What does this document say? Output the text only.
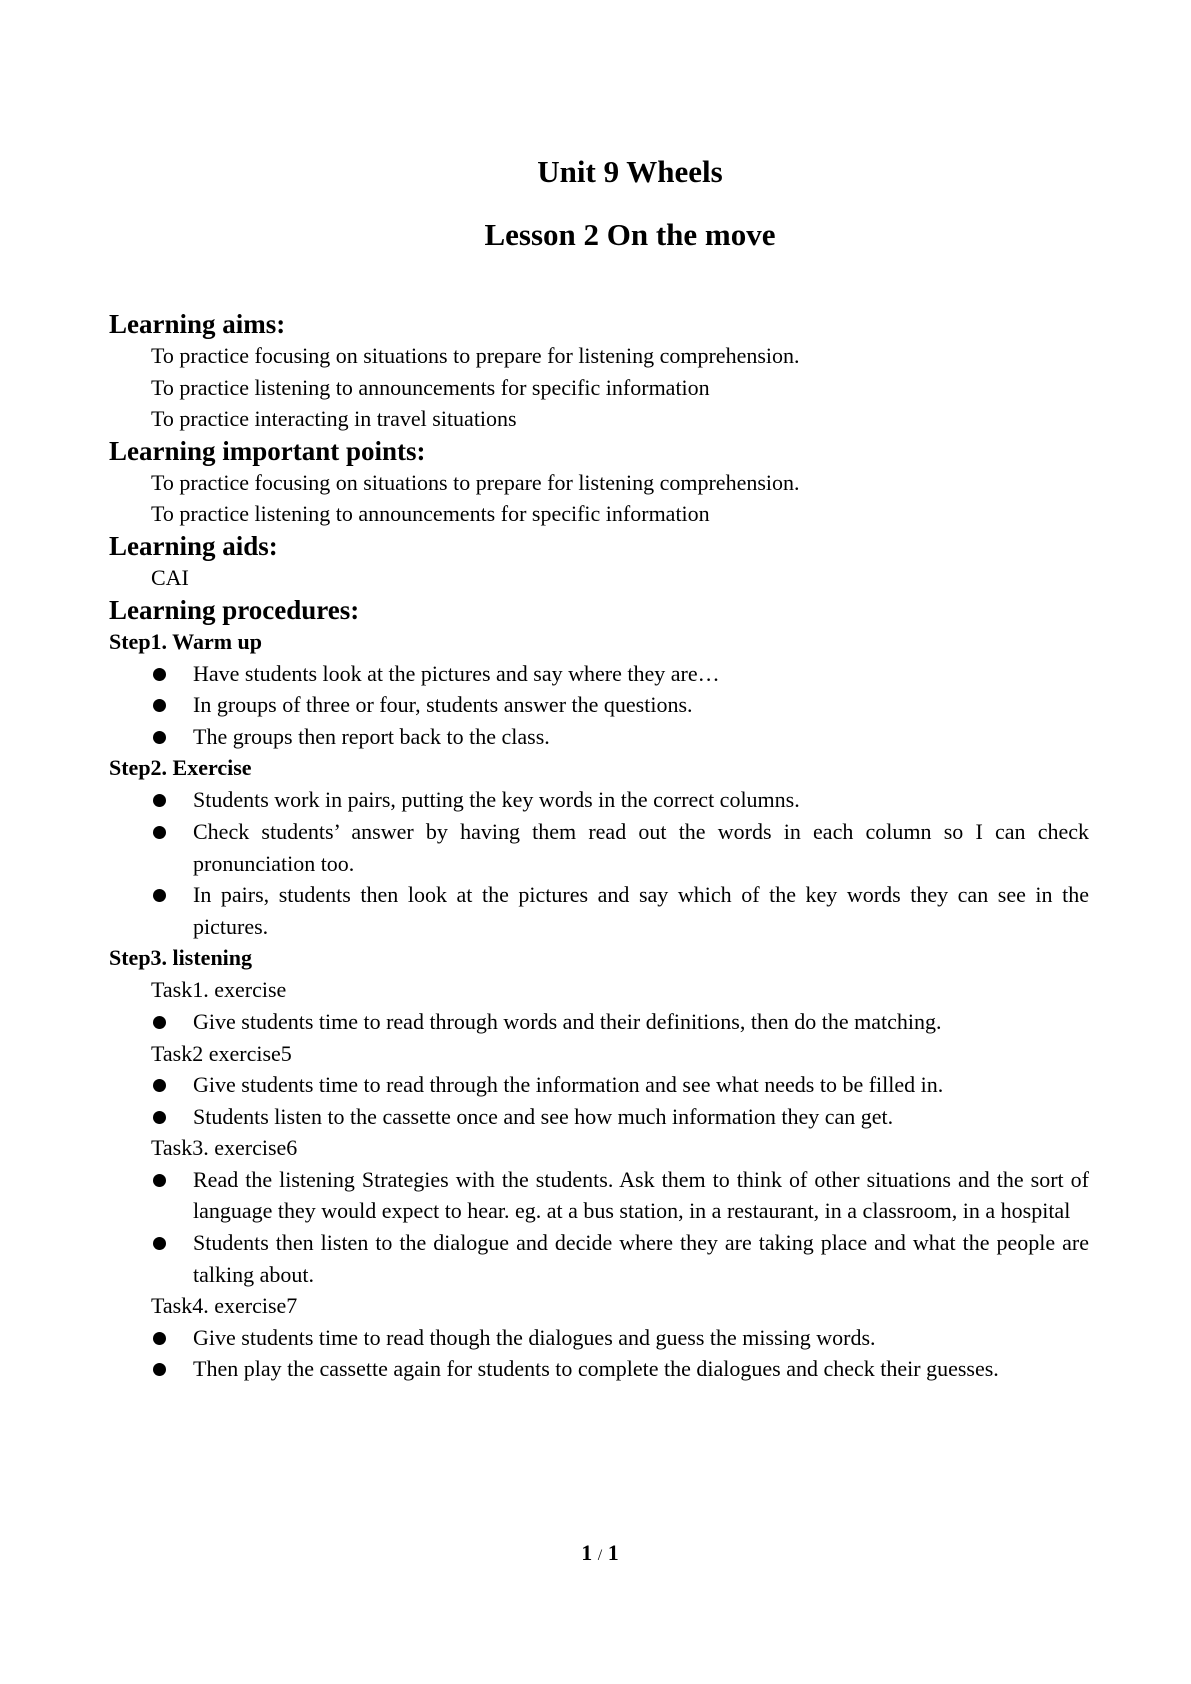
Unit 9 Wheels
Lesson 2 On the move

Learning aims:

To practice focusing on situations to prepare for listening comprehension.

To practice listening to announcements for specific information

To practice interacting in travel situations

Learning important points:

To practice focusing on situations to prepare for listening comprehension.

To practice listening to announcements for specific information

Learning aids:

CAI

Learning procedures:

Step1. Warm up

Have students look at the pictures and say where they are…
In groups of three or four, students answer the questions.
The groups then report back to the class.

Step2. Exercise

Students work in pairs, putting the key words in the correct columns.
Check students’ answer by having them read out the words in each column so I can check pronunciation too.
In pairs, students then look at the pictures and say which of the key words they can see in the pictures.

Step3. listening

Task1. exercise

Give students time to read through words and their definitions, then do the matching.

Task2 exercise5

Give students time to read through the information and see what needs to be filled in.
Students listen to the cassette once and see how much information they can get.

Task3. exercise6

Read the listening Strategies with the students. Ask them to think of other situations and the sort of language they would expect to hear. eg. at a bus station, in a restaurant, in a classroom, in a hospital
Students then listen to the dialogue and decide where they are taking place and what the people are talking about.

Task4. exercise7

Give students time to read though the dialogues and guess the missing words.
Then play the cassette again for students to complete the dialogues and check their guesses.
1 / 1
